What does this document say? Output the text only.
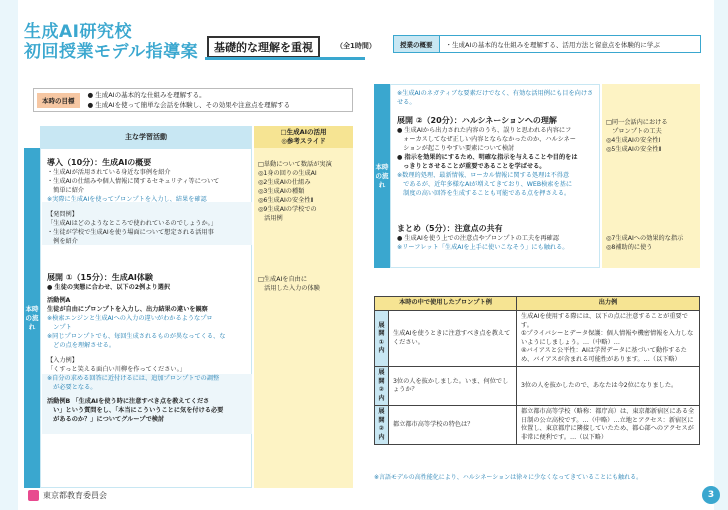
生成AI研究校
初回授業モデル指導案	基礎的な理解を重視	（全1時間）	授業の概要	・生成AIの基本的な仕組みを理解する、活用方法と留意点を体験的に学ぶ
本時の目標
● 生成AIの基本的な仕組みを理解する。
● 生成AIを使って簡単な会話を体験し、その効果や注意点を理解する
主な学習活動
□生成AIの活用
◎参考スライド
本時の流れ
導入（10分）：生成AIの概要
・生成AIが活用されている身近な事例を紹介
・生成AIの仕組みや個人情報に関するセキュリティ等について
　簡単に紹介
※実際に生成AIを使ってプロンプトを入力し、結果を確認
【発問例】
「生成AIはどのようなところで使われているのでしょうか。」
・生徒が学校で生成AIを使う場面について想定される活用事
　例を紹介
展開 ①（15分）：生成AI体験
● 生徒の実態に合わせ、以下の2例より選択
活動例A
生徒が自由にプロンプトを入力し、出力結果の違いを観察
※検索エンジンと生成AIへの入力の違いがわかるようなプロ
　ンプト
※同じプロンプトでも、毎回生成されるものが異なってくる、な
　どの点を理解させる。
【入力例】
「くすっと笑える面白い川柳を作ってください。」
※自分の求める回答に近付けるには、追加プロンプトでの調整
　が必要となる。
活動例B 「生成AIを使う時に注意すべき点を教えてくださ
　い」という質問をし、「本当にこういうことに気を付ける必要
　があるのか？」についてグループで検討
□単動について数話が実演
◎1身の回りの生成AI
◎2生成AIの仕組み
◎3生成AIの種類
◎6生成AIの安全性Ⅱ
◎9生成AIの学校での
　活用例
□生成AIを自由に
　活用した入力の体験
本時の流れ
※生成AIのネガティブな要素だけでなく、有効な活用例にも目を向けさせる。
展開 ②（20分）：ハルシネーションへの理解
● 生成AIから出力された内容のうち、誤りと思われる内容にフ
　ォーカスしてなぜ正しい内容とならなかったのか、ハルシネー
　ションが起こりやすい要素について検討
● 指示を効果的にするため、明確な指示を与えることや目的をは
　っきりとさせることが重要であることを学ばせる。
※数理的処理、最新情報、ローカル情報に関する処理は不得意
　であるが、近年多様なAIが増えてきており、WEB検索を基に
　制度の高い回答を生成することも可能である点を押さえる。
まとめ（5分）：注意点の共有
● 生成AIを使う上での注意点やプロンプトの工夫を再確認
※リーフレット「生成AIを上手に使いこなそう」にも触れる。
□同一会話内における
　プロンプトの工夫
◎4生成AIの安全性Ⅰ
◎5生成AIの安全性Ⅱ
◎7生成AIへの効果的な指示
◎8補助的に使う
本時の中で使用したプロンプト例		出力例
展開①内	生成AIを使うときに注意すべき点を教えてください。	生成AIを使用する際には、以下の点に注意することが重要です。
①プライバシーとデータ保護：個人情報や機密情報を入力しないようにしましょう。…（中略）…
④バイアスと公平性：AIは学習データに基づいて動作するため、バイアスが含まれる可能性があります。…（以下略）

展開②内	3位の人を抜かしました。いま、何位でしょうか？	3位の人を抜かしたので、あなたは今2位になりました。
展開②内	都立都市高等学校の特色は？	都立都市高等学校（略称：都庁高）は、東京都新宿区にある全日制の公立高校です。…（中略）…立地とアクセス：新宿区に位置し、東京都庁に隣接していたため、都心部へのアクセスが非常に便利です。…（以下略）
※言語モデルの高性能化により、ハルシネーションは徐々に少なくなってきていることにも触れる。
東京都教育委員会	3
